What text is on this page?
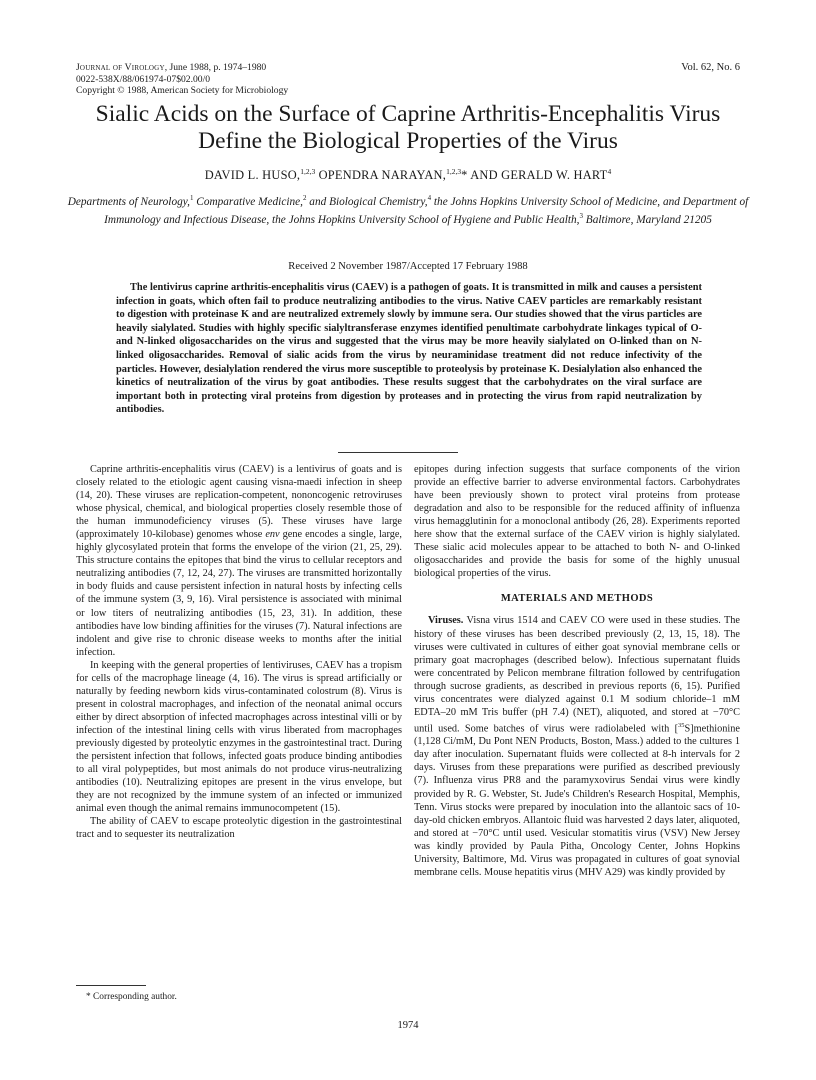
Journal of Virology, June 1988, p. 1974–1980
0022-538X/88/061974-07$02.00/0
Copyright © 1988, American Society for Microbiology
Vol. 62, No. 6
Sialic Acids on the Surface of Caprine Arthritis-Encephalitis Virus
Define the Biological Properties of the Virus
DAVID L. HUSO,$^{1,2,3}$ OPENDRA NARAYAN,$^{1,2,3}$* AND GERALD W. HART$^4$
Departments of Neurology,$^1$ Comparative Medicine,$^2$ and Biological Chemistry,$^4$ the Johns Hopkins University School of Medicine, and Department of Immunology and Infectious Disease, the Johns Hopkins University School of Hygiene and Public Health,$^3$ Baltimore, Maryland 21205
Received 2 November 1987/Accepted 17 February 1988

The lentivirus caprine arthritis-encephalitis virus (CAEV) is a pathogen of goats. It is transmitted in milk and causes a persistent infection in goats, which often fail to produce neutralizing antibodies to the virus. Native CAEV particles are remarkably resistant to digestion with proteinase K and are neutralized extremely slowly by immune sera. Our studies showed that the virus particles are heavily sialylated. Studies with highly specific sialyltransferase enzymes identified penultimate carbohydrate linkages typical of O- and N-linked oligosaccharides on the virus and suggested that the virus may be more heavily sialylated on O-linked than on N-linked oligosaccharides. Removal of sialic acids from the virus by neuraminidase treatment did not reduce infectivity of the particles. However, desialylation rendered the virus more susceptible to proteolysis by proteinase K. Desialylation also enhanced the kinetics of neutralization of the virus by goat antibodies. These results suggest that the carbohydrates on the viral surface are important both in protecting viral proteins from digestion by proteases and in protecting the virus from rapid neutralization by antibodies.

Caprine arthritis-encephalitis virus (CAEV) is a lentivirus of goats and is closely related to the etiologic agent causing visna-maedi infection in sheep (14, 20). These viruses are replication-competent, nononcogenic retroviruses whose physical, chemical, and biological properties closely resemble those of the human immunodeficiency viruses (5). These viruses have large (approximately 10-kilobase) genomes whose env gene encodes a single, large, highly glycosylated protein that forms the envelope of the virion (21, 25, 29). This structure contains the epitopes that bind the virus to cellular receptors and neutralizing antibodies (7, 12, 24, 27). The viruses are transmitted horizontally in body fluids and cause persistent infection in natural hosts by infecting cells of the immune system (3, 9, 16). Viral persistence is associated with minimal or low titers of neutralizing antibodies (15, 23, 31). In addition, these antibodies have low binding affinities for the viruses (7). Natural infections are indolent and give rise to chronic disease weeks to months after the initial infection.

In keeping with the general properties of lentiviruses, CAEV has a tropism for cells of the macrophage lineage (4, 16). The virus is spread artificially or naturally by feeding newborn kids virus-contaminated colostrum (8). Virus is present in colostral macrophages, and infection of the neonatal animal occurs either by direct absorption of infected macrophages across intestinal villi or by infection of the intestinal lining cells with virus liberated from macrophages previously digested by proteolytic enzymes in the gastrointestinal tract. During the persistent infection that follows, infected goats produce binding antibodies to all viral polypeptides, but most animals do not produce virus-neutralizing antibodies (10). Neutralizing epitopes are present in the virus envelope, but they are not recognized by the immune system of an infected or immunized animal even though the animal remains immunocompetent (15).

The ability of CAEV to escape proteolytic digestion in the gastrointestinal tract and to sequester its neutralization

epitopes during infection suggests that surface components of the virion provide an effective barrier to adverse environmental factors. Carbohydrates have been previously shown to protect viral proteins from protease degradation and also to be responsible for the reduced affinity of influenza virus hemagglutinin for a monoclonal antibody (26, 28). Experiments reported here show that the external surface of the CAEV virion is highly sialylated. These sialic acid molecules appear to be attached to both N- and O-linked oligosaccharides and provide the basis for some of the highly unusual biological properties of the virus.

MATERIALS AND METHODS

Viruses. Visna virus 1514 and CAEV CO were used in these studies. The history of these viruses has been described previously (2, 13, 15, 18). The viruses were cultivated in cultures of either goat synovial membrane cells or primary goat macrophages (described below). Infectious supernatant fluids were concentrated by Pelicon membrane filtration followed by centrifugation through sucrose gradients, as described in previous reports (6, 15). Purified virus concentrates were dialyzed against 0.1 M sodium chloride–1 mM EDTA–20 mM Tris buffer (pH 7.4) (NET), aliquoted, and stored at −70°C until used. Some batches of virus were radiolabeled with [$^{35}$S]methionine (1,128 Ci/mM, Du Pont NEN Products, Boston, Mass.) added to the cultures 1 day after inoculation. Supernatant fluids were collected at 8-h intervals for 2 days. Viruses from these preparations were purified as described previously (7). Influenza virus PR8 and the paramyxovirus Sendai virus were kindly provided by R. G. Webster, St. Jude's Children's Research Hospital, Memphis, Tenn. Virus stocks were prepared by inoculation into the allantoic sacs of 10-day-old chicken embryos. Allantoic fluid was harvested 2 days later, aliquoted, and stored at −70°C until used. Vesicular stomatitis virus (VSV) New Jersey was kindly provided by Paula Pitha, Oncology Center, Johns Hopkins University, Baltimore, Md. Virus was propagated in cultures of goat synovial membrane cells. Mouse hepatitis virus (MHV A29) was kindly provided by

* Corresponding author.
1974
